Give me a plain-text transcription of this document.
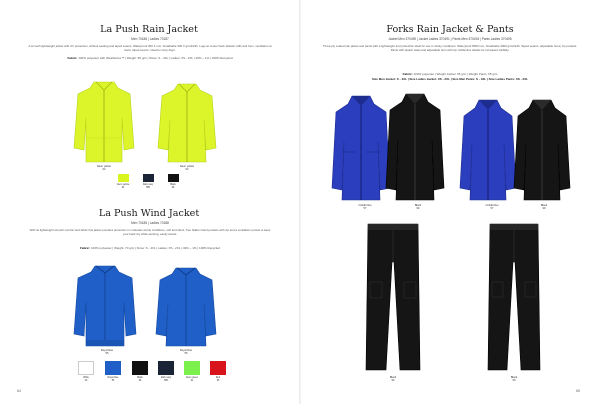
La Push Rain Jacket
Men 70186 | Ladies 70187
A smooth lightweight jacket with UV protection, without seating and taped seams. Waterproof 300 X mm, breathable 300 X g/m2/24h. Logo at center back. Elastic cuffs and hem, ventilation at back, taped seams. Ideal for rainy days.
Fabric: 100% polyester with Weathertex™ | Weight: 95 g/m | Sizes: S - 4XL | Ladies: XS - 2XL | 40% ~ 1% | 100% Recycled
Neon yellow
62
Neon yellow
62
Neon yellow
62
Dark navy
585
Black
99
La Push Wind Jacket
Men 70185 | Ladies 70188
With its lightweight smooth comfort and fabric this jacket provides protection in moderate windy conditions, soft and silent. Two hidden hand pockets with zip and a ventilation pocket to keep your back dry while working, easily stored.
Fabric: 100% polyester | Weight: 70 g/m | Sizes: S - 4XL | Ladies: XS - 2XL | 40% ~ 1% | 100% Recycled
Royal blue
55
Royal blue
55
White
00
Royal blue
55
Black
99
Dark navy
585
Neon green
61
Red
35
64
Forks Rain Jacket & Pants
Jacket Men 370490 | Jacket Ladies 370491 | Pants Men 370494 | Pants Ladies 370495
Three-ply coated rain jacket and pants with a lightweight and protection ideal for use in windy conditions. Waterproof 8000 mm, breathable 3000 g/m2/24h. Taped seams, adjustable hood, zip pockets. Pants with elastic waist and adjustable hem with zip. Reflective details for increased visibility.
Fabric: 100% polyester | Weight Jacket: 95 g/m | Weight Pants: 95 g/m
Size Men Jacket: S - 4XL | Size Ladies Jacket: XS - 2XL | Size Men Pants: S - 4XL | Size Ladies Pants: XS - 2XL
Cobalt blue
57
Black
99
Cobalt blue
57
Black
99
Black
99
Black
99
65
